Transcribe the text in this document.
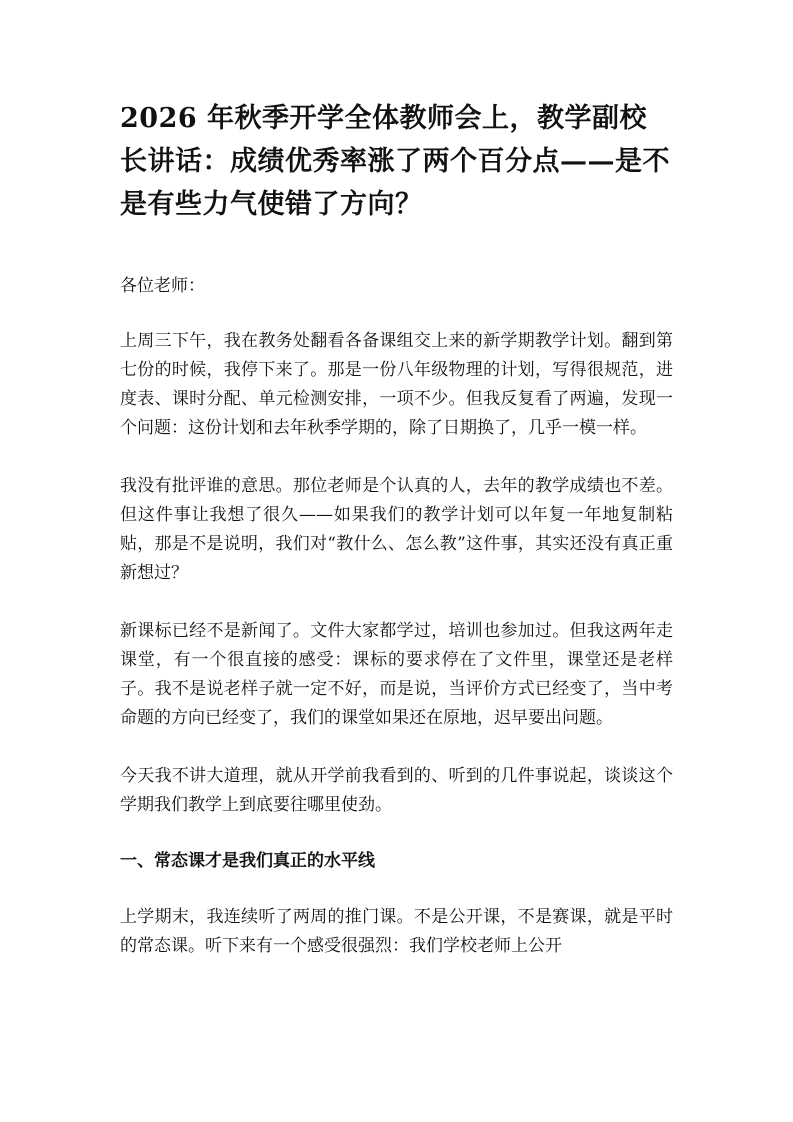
2026 年秋季开学全体教师会上，教学副校长讲话：成绩优秀率涨了两个百分点——是不是有些力气使错了方向？

各位老师：

上周三下午，我在教务处翻看各备课组交上来的新学期教学计划。翻到第七份的时候，我停下来了。那是一份八年级物理的计划，写得很规范，进度表、课时分配、单元检测安排，一项不少。但我反复看了两遍，发现一个问题：这份计划和去年秋季学期的，除了日期换了，几乎一模一样。

我没有批评谁的意思。那位老师是个认真的人，去年的教学成绩也不差。但这件事让我想了很久——如果我们的教学计划可以年复一年地复制粘贴，那是不是说明，我们对“教什么、怎么教”这件事，其实还没有真正重新想过？

新课标已经不是新闻了。文件大家都学过，培训也参加过。但我这两年走课堂，有一个很直接的感受：课标的要求停在了文件里，课堂还是老样子。我不是说老样子就一定不好，而是说，当评价方式已经变了，当中考命题的方向已经变了，我们的课堂如果还在原地，迟早要出问题。

今天我不讲大道理，就从开学前我看到的、听到的几件事说起，谈谈这个学期我们教学上到底要往哪里使劲。

一、常态课才是我们真正的水平线

上学期末，我连续听了两周的推门课。不是公开课，不是赛课，就是平时的常态课。听下来有一个感受很强烈：我们学校老师上公开
